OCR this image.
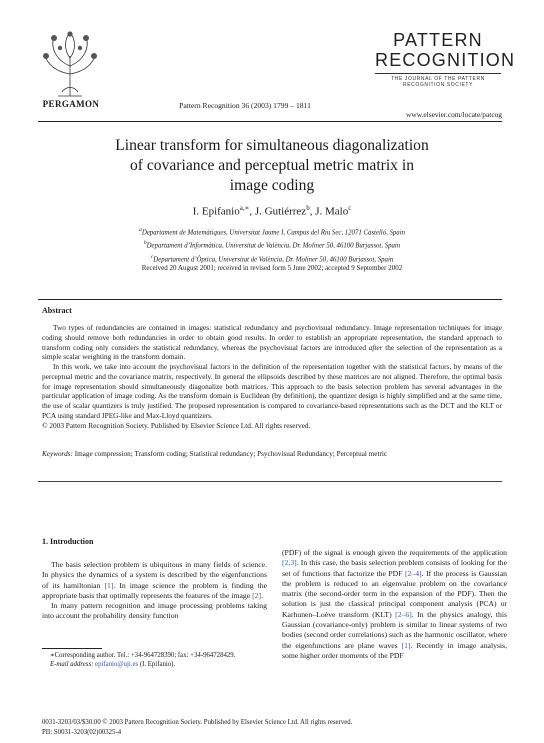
PERGAMON	Pattern Recognition 36 (2003) 1799 – 1811
PATTERN
RECOGNITION
THE JOURNAL OF THE PATTERN RECOGNITION SOCIETY
www.elsevier.com/locate/patcog
Linear transform for simultaneous diagonalization
of covariance and perceptual metric matrix in
image coding
I. Epifanio$^{a,∗}$, J. Gutiérrez$^b$, J. Malo$^c$
$^a$Departament de Matemàtiques, Universitat Jaume I, Campus del Riu Sec, 12071 Castelló, Spain
$^b$Departament d’Informàtica, Universitat de València, Dr. Moliner 50, 46100 Burjassot, Spain
$^c$Departament d’Òptica, Universitat de València, Dr. Moliner 50, 46100 Burjassot, Spain
Received 20 August 2001; received in revised form 5 June 2002; accepted 9 September 2002
Abstract

Two types of redundancies are contained in images: statistical redundancy and psychovisual redundancy. Image representation techniques for image coding should remove both redundancies in order to obtain good results. In order to establish an appropriate representation, the standard approach to transform coding only considers the statistical redundancy, whereas the psychovisual factors are introduced after the selection of the representation as a simple scalar weighting in the transform domain.

In this work, we take into account the psychovisual factors in the definition of the representation together with the statistical factors, by means of the perceptual metric and the covariance matrix, respectively. In general the ellipsoids described by these matrices are not aligned. Therefore, the optimal basis for image representation should simultaneously diagonalize both matrices. This approach to the basis selection problem has several advantages in the particular application of image coding. As the transform domain is Euclidean (by definition), the quantizer design is highly simplified and at the same time, the use of scalar quantizers is truly justified. The proposed representation is compared to covariance-based representations such as the DCT and the KLT or PCA using standard JPEG-like and Max-Lloyd quantizers.

© 2003 Pattern Recognition Society. Published by Elsevier Science Ltd. All rights reserved.

Keywords: Image compression; Transform coding; Statistical redundancy; Psychovisual Redundancy; Perceptual metric
1. Introduction

The basis selection problem is ubiquitous in many fields of science. In physics the dynamics of a system is described by the eigenfunctions of its hamiltonian [1]. In image science the problem is finding the appropriate basis that optimally represents the features of the image [2].

In many pattern recognition and image processing problems taking into account the probability density function

∗Corresponding author. Tel.: +34-964728390; fax: +34-964728429.

E-mail address: epifanio@uji.es (I. Epifanio).

(PDF) of the signal is enough given the requirements of the application [2,3]. In this case, the basis selection problem consists of looking for the set of functions that factorize the PDF [2–4]. If the process is Gaussian the problem is reduced to an eigenvalue problem on the covariance matrix (the second-order term in the expansion of the PDF). Then the solution is just the classical principal component analysis (PCA) or Karhunen–Loève transform (KLT) [2–6]. In the physics analogy, this Gaussian (covariance-only) problem is similar to linear systems of two bodies (second order correlations) such as the harmonic oscillator, where the eigenfunctions are plane waves [1]. Recently in image analysis, some higher order moments of the PDF

0031-3203/03/$30.00 © 2003 Pattern Recognition Society. Published by Elsevier Science Ltd. All rights reserved.
PII: S0031-3203(02)00325-4
